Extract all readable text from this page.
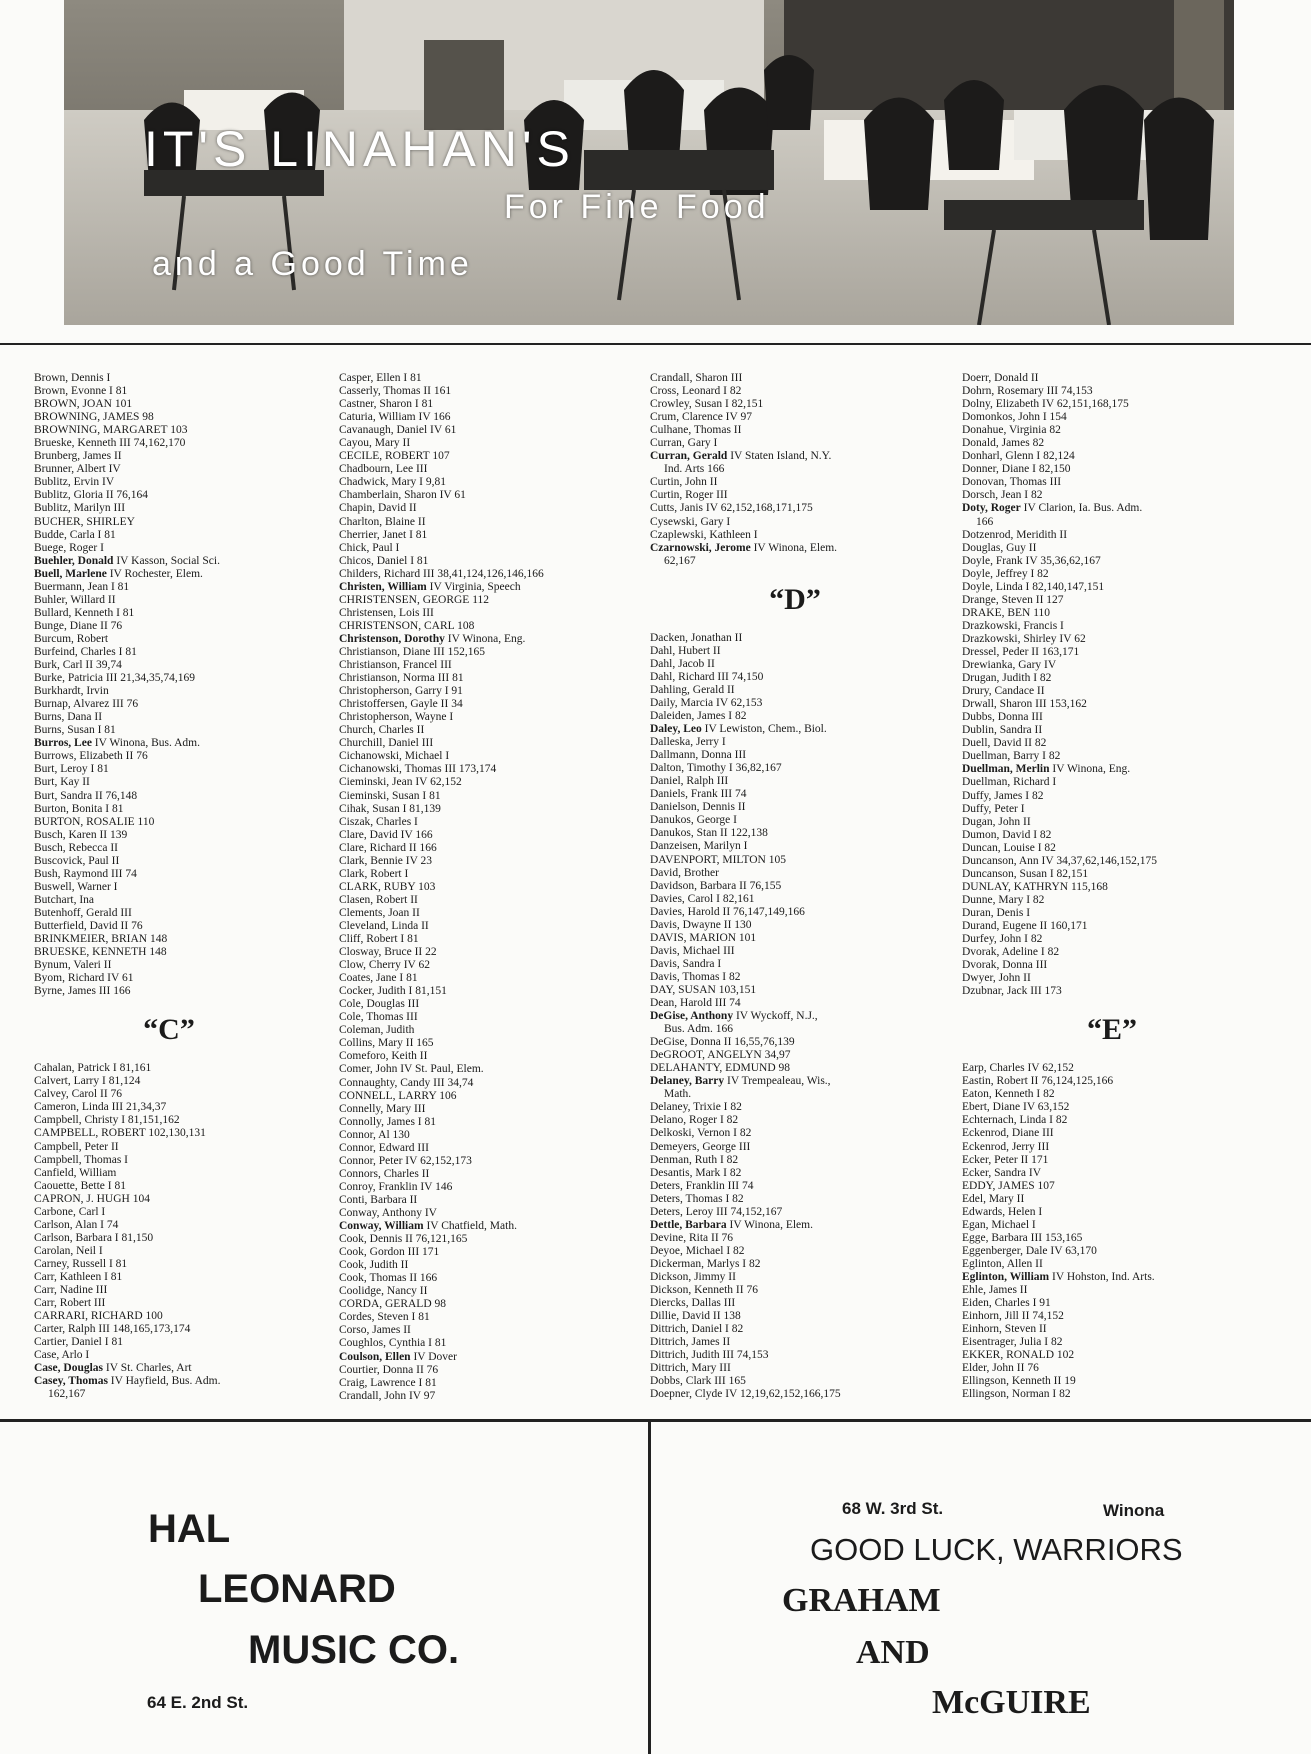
IT'S LINAHAN'S
For Fine Food
and a Good Time
Brown, Dennis I
Brown, Evonne I 81
BROWN, JOAN 101
BROWNING, JAMES 98
BROWNING, MARGARET 103
Brueske, Kenneth III 74,162,170
Brunberg, James II
Brunner, Albert IV
Bublitz, Ervin IV
Bublitz, Gloria II 76,164
Bublitz, Marilyn III
BUCHER, SHIRLEY
Budde, Carla I 81
Buege, Roger I
Buehler, Donald IV Kasson, Social Sci.
Buell, Marlene IV Rochester, Elem.
Buermann, Jean I 81
Buhler, Willard II
Bullard, Kenneth I 81
Bunge, Diane II 76
Burcum, Robert
Burfeind, Charles I 81
Burk, Carl II 39,74
Burke, Patricia III 21,34,35,74,169
Burkhardt, Irvin
Burnap, Alvarez III 76
Burns, Dana II
Burns, Susan I 81
Burros, Lee IV Winona, Bus. Adm.
Burrows, Elizabeth II 76
Burt, Leroy I 81
Burt, Kay II
Burt, Sandra II 76,148
Burton, Bonita I 81
BURTON, ROSALIE 110
Busch, Karen II 139
Busch, Rebecca II
Buscovick, Paul II
Bush, Raymond III 74
Buswell, Warner I
Butchart, Ina
Butenhoff, Gerald III
Butterfield, David II 76
BRINKMEIER, BRIAN 148
BRUESKE, KENNETH 148
Bynum, Valeri II
Byom, Richard IV 61
Byrne, James III 166
“C”
Cahalan, Patrick I 81,161
Calvert, Larry I 81,124
Calvey, Carol II 76
Cameron, Linda III 21,34,37
Campbell, Christy I 81,151,162
CAMPBELL, ROBERT 102,130,131
Campbell, Peter II
Campbell, Thomas I
Canfield, William
Caouette, Bette I 81
CAPRON, J. HUGH 104
Carbone, Carl I
Carlson, Alan I 74
Carlson, Barbara I 81,150
Carolan, Neil I
Carney, Russell I 81
Carr, Kathleen I 81
Carr, Nadine III
Carr, Robert III
CARRARI, RICHARD 100
Carter, Ralph III 148,165,173,174
Cartier, Daniel I 81
Case, Arlo I
Case, Douglas IV St. Charles, Art
Casey, Thomas IV Hayfield, Bus. Adm.
162,167
Casper, Ellen I 81
Casserly, Thomas II 161
Castner, Sharon I 81
Caturia, William IV 166
Cavanaugh, Daniel IV 61
Cayou, Mary II
CECILE, ROBERT 107
Chadbourn, Lee III
Chadwick, Mary I 9,81
Chamberlain, Sharon IV 61
Chapin, David II
Charlton, Blaine II
Cherrier, Janet I 81
Chick, Paul I
Chicos, Daniel I 81
Childers, Richard III 38,41,124,126,146,166
Christen, William IV Virginia, Speech
CHRISTENSEN, GEORGE 112
Christensen, Lois III
CHRISTENSON, CARL 108
Christenson, Dorothy IV Winona, Eng.
Christianson, Diane III 152,165
Christianson, Francel III
Christianson, Norma III 81
Christopherson, Garry I 91
Christoffersen, Gayle II 34
Christopherson, Wayne I
Church, Charles II
Churchill, Daniel III
Cichanowski, Michael I
Cichanowski, Thomas III 173,174
Cieminski, Jean IV 62,152
Cieminski, Susan I 81
Cihak, Susan I 81,139
Ciszak, Charles I
Clare, David IV 166
Clare, Richard II 166
Clark, Bennie IV 23
Clark, Robert I
CLARK, RUBY 103
Clasen, Robert II
Clements, Joan II
Cleveland, Linda II
Cliff, Robert I 81
Closway, Bruce II 22
Clow, Cherry IV 62
Coates, Jane I 81
Cocker, Judith I 81,151
Cole, Douglas III
Cole, Thomas III
Coleman, Judith
Collins, Mary II 165
Comeforo, Keith II
Comer, John IV St. Paul, Elem.
Connaughty, Candy III 34,74
CONNELL, LARRY 106
Connelly, Mary III
Connolly, James I 81
Connor, Al 130
Connor, Edward III
Connor, Peter IV 62,152,173
Connors, Charles II
Conroy, Franklin IV 146
Conti, Barbara II
Conway, Anthony IV
Conway, William IV Chatfield, Math.
Cook, Dennis II 76,121,165
Cook, Gordon III 171
Cook, Judith II
Cook, Thomas II 166
Coolidge, Nancy II
CORDA, GERALD 98
Cordes, Steven I 81
Corso, James II
Coughlos, Cynthia I 81
Coulson, Ellen IV Dover
Courtier, Donna II 76
Craig, Lawrence I 81
Crandall, John IV 97
Crandall, Sharon III
Cross, Leonard I 82
Crowley, Susan I 82,151
Crum, Clarence IV 97
Culhane, Thomas II
Curran, Gary I
Curran, Gerald IV Staten Island, N.Y.
Ind. Arts 166
Curtin, John II
Curtin, Roger III
Cutts, Janis IV 62,152,168,171,175
Cysewski, Gary I
Czaplewski, Kathleen I
Czarnowski, Jerome IV Winona, Elem.
62,167
“D”
Dacken, Jonathan II
Dahl, Hubert II
Dahl, Jacob II
Dahl, Richard III 74,150
Dahling, Gerald II
Daily, Marcia IV 62,153
Daleiden, James I 82
Daley, Leo IV Lewiston, Chem., Biol.
Dalleska, Jerry I
Dallmann, Donna III
Dalton, Timothy I 36,82,167
Daniel, Ralph III
Daniels, Frank III 74
Danielson, Dennis II
Danukos, George I
Danukos, Stan II 122,138
Danzeisen, Marilyn I
DAVENPORT, MILTON 105
David, Brother
Davidson, Barbara II 76,155
Davies, Carol I 82,161
Davies, Harold II 76,147,149,166
Davis, Dwayne II 130
DAVIS, MARION 101
Davis, Michael III
Davis, Sandra I
Davis, Thomas I 82
DAY, SUSAN 103,151
Dean, Harold III 74
DeGise, Anthony IV Wyckoff, N.J.,
Bus. Adm. 166
DeGise, Donna II 16,55,76,139
DeGROOT, ANGELYN 34,97
DELAHANTY, EDMUND 98
Delaney, Barry IV Trempealeau, Wis.,
Math.
Delaney, Trixie I 82
Delano, Roger I 82
Delkoski, Vernon I 82
Demeyers, George III
Denman, Ruth I 82
Desantis, Mark I 82
Deters, Franklin III 74
Deters, Thomas I 82
Deters, Leroy III 74,152,167
Dettle, Barbara IV Winona, Elem.
Devine, Rita II 76
Deyoe, Michael I 82
Dickerman, Marlys I 82
Dickson, Jimmy II
Dickson, Kenneth II 76
Diercks, Dallas III
Dillie, David II 138
Dittrich, Daniel I 82
Dittrich, James II
Dittrich, Judith III 74,153
Dittrich, Mary III
Dobbs, Clark III 165
Doepner, Clyde IV 12,19,62,152,166,175
Doerr, Donald II
Dohrn, Rosemary III 74,153
Dolny, Elizabeth IV 62,151,168,175
Domonkos, John I 154
Donahue, Virginia 82
Donald, James 82
Donharl, Glenn I 82,124
Donner, Diane I 82,150
Donovan, Thomas III
Dorsch, Jean I 82
Doty, Roger IV Clarion, Ia. Bus. Adm.
166
Dotzenrod, Meridith II
Douglas, Guy II
Doyle, Frank IV 35,36,62,167
Doyle, Jeffrey I 82
Doyle, Linda I 82,140,147,151
Drange, Steven II 127
DRAKE, BEN 110
Drazkowski, Francis I
Drazkowski, Shirley IV 62
Dressel, Peder II 163,171
Drewianka, Gary IV
Drugan, Judith I 82
Drury, Candace II
Drwall, Sharon III 153,162
Dubbs, Donna III
Dublin, Sandra II
Duell, David II 82
Duellman, Barry I 82
Duellman, Merlin IV Winona, Eng.
Duellman, Richard I
Duffy, James I 82
Duffy, Peter I
Dugan, John II
Dumon, David I 82
Duncan, Louise I 82
Duncanson, Ann IV 34,37,62,146,152,175
Duncanson, Susan I 82,151
DUNLAY, KATHRYN 115,168
Dunne, Mary I 82
Duran, Denis I
Durand, Eugene II 160,171
Durfey, John I 82
Dvorak, Adeline I 82
Dvorak, Donna III
Dwyer, John II
Dzubnar, Jack III 173
“E”
Earp, Charles IV 62,152
Eastin, Robert II 76,124,125,166
Eaton, Kenneth I 82
Ebert, Diane IV 63,152
Echternach, Linda I 82
Eckenrod, Diane III
Eckenrod, Jerry III
Ecker, Peter II 171
Ecker, Sandra IV
EDDY, JAMES 107
Edel, Mary II
Edwards, Helen I
Egan, Michael I
Egge, Barbara III 153,165
Eggenberger, Dale IV 63,170
Eglinton, Allen II
Eglinton, William IV Hohston, Ind. Arts.
Ehle, James II
Eiden, Charles I 91
Einhorn, Jill II 74,152
Einhorn, Steven II
Eisentrager, Julia I 82
EKKER, RONALD 102
Elder, John II 76
Ellingson, Kenneth II 19
Ellingson, Norman I 82
HAL
LEONARD
MUSIC CO.
64 E. 2nd St.
68 W. 3rd St.	Winona
GOOD LUCK, WARRIORS
GRAHAM
AND
McGUIRE
